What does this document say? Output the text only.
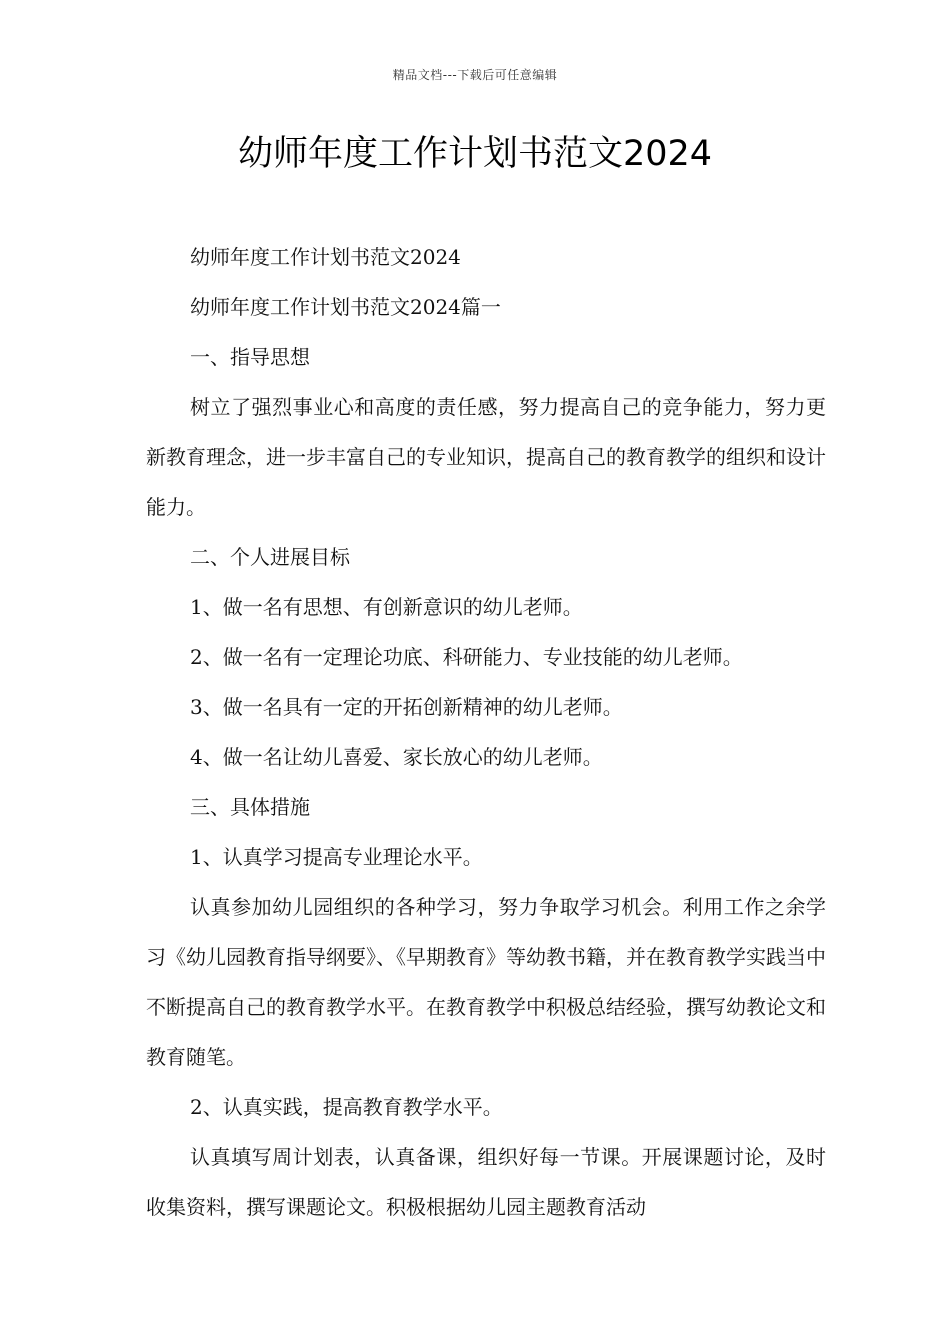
精品文档---下载后可任意编辑
幼师年度工作计划书范文2024

幼师年度工作计划书范文2024

幼师年度工作计划书范文2024篇一

一、指导思想

树立了强烈事业心和高度的责任感，努力提高自己的竞争能力，努力更新教育理念，进一步丰富自己的专业知识，提高自己的教育教学的组织和设计能力。

二、个人进展目标

1、做一名有思想、有创新意识的幼儿老师。

2、做一名有一定理论功底、科研能力、专业技能的幼儿老师。

3、做一名具有一定的开拓创新精神的幼儿老师。

4、做一名让幼儿喜爱、家长放心的幼儿老师。

三、具体措施

1、认真学习提高专业理论水平。

认真参加幼儿园组织的各种学习，努力争取学习机会。利用工作之余学习《幼儿园教育指导纲要》、《早期教育》等幼教书籍，并在教育教学实践当中不断提高自己的教育教学水平。在教育教学中积极总结经验，撰写幼教论文和教育随笔。

2、认真实践，提高教育教学水平。

认真填写周计划表，认真备课，组织好每一节课。开展课题讨论，及时收集资料，撰写课题论文。积极根据幼儿园主题教育活动
